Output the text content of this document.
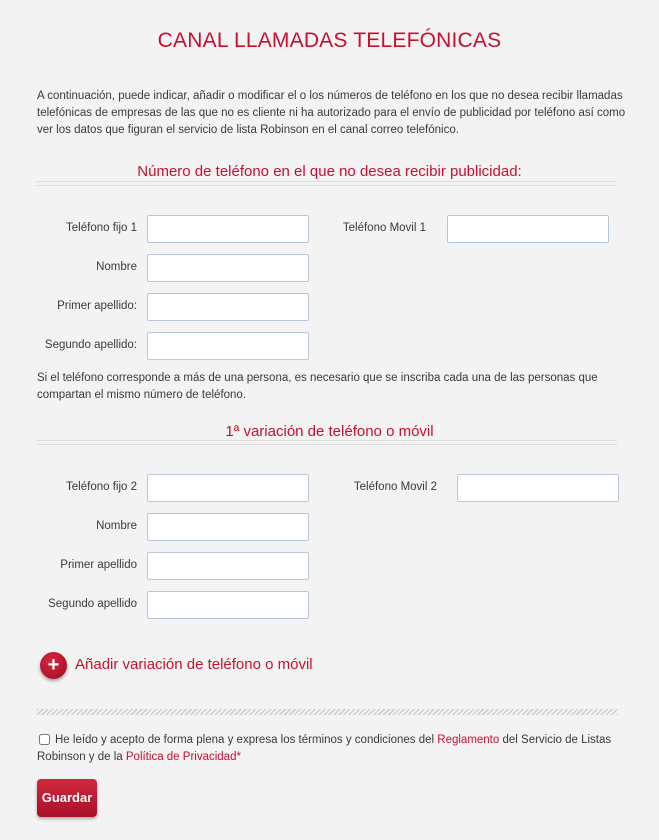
CANAL LLAMADAS TELEFÓNICAS
A continuación, puede indicar, añadir o modificar el o los números de teléfono en los que no desea recibir llamadas telefónicas de empresas de las que no es cliente ni ha autorizado para el envío de publicidad por teléfono así como ver los datos que figuran el servicio de lista Robinson en el canal correo telefónico.
Número de teléfono en el que no desea recibir publicidad:
Teléfono fijo 1	Teléfono Movil 1
Nombre
Primer apellido:
Segundo apellido:
Si el teléfono corresponde a más de una persona, es necesario que se inscriba cada una de las personas que compartan el mismo número de teléfono.
1ª variación de teléfono o móvil
Teléfono fijo 2	Teléfono Movil 2
Nombre
Primer apellido
Segundo apellido
+	Añadir variación de teléfono o móvil
He leído y acepto de forma plena y expresa los términos y condiciones del Reglamento del Servicio de Listas Robinson y de la Política de Privacidad*
Guardar
